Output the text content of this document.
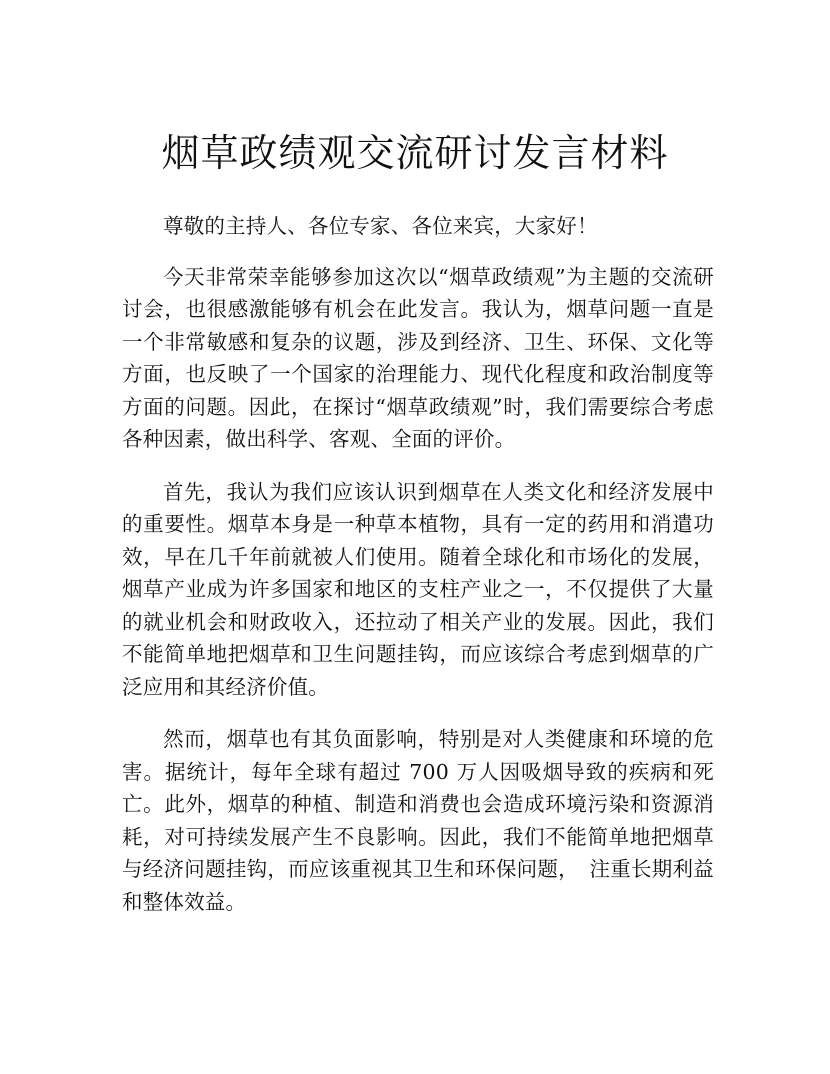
烟草政绩观交流研讨发言材料

尊敬的主持人、各位专家、各位来宾，大家好！

今天非常荣幸能够参加这次以“烟草政绩观”为主题的交流研讨会，也很感激能够有机会在此发言。我认为，烟草问题一直是一个非常敏感和复杂的议题，涉及到经济、卫生、环保、文化等方面，也反映了一个国家的治理能力、现代化程度和政治制度等方面的问题。因此，在探讨“烟草政绩观”时，我们需要综合考虑各种因素，做出科学、客观、全面的评价。

首先，我认为我们应该认识到烟草在人类文化和经济发展中的重要性。烟草本身是一种草本植物，具有一定的药用和消遣功效，早在几千年前就被人们使用。随着全球化和市场化的发展，烟草产业成为许多国家和地区的支柱产业之一，不仅提供了大量的就业机会和财政收入，还拉动了相关产业的发展。因此，我们不能简单地把烟草和卫生问题挂钩，而应该综合考虑到烟草的广泛应用和其经济价值。

然而，烟草也有其负面影响，特别是对人类健康和环境的危害。据统计，每年全球有超过 700 万人因吸烟导致的疾病和死亡。此外，烟草的种植、制造和消费也会造成环境污染和资源消耗，对可持续发展产生不良影响。因此，我们不能简单地把烟草与经济问题挂钩，而应该重视其卫生和环保问题，　注重长期利益和整体效益。
